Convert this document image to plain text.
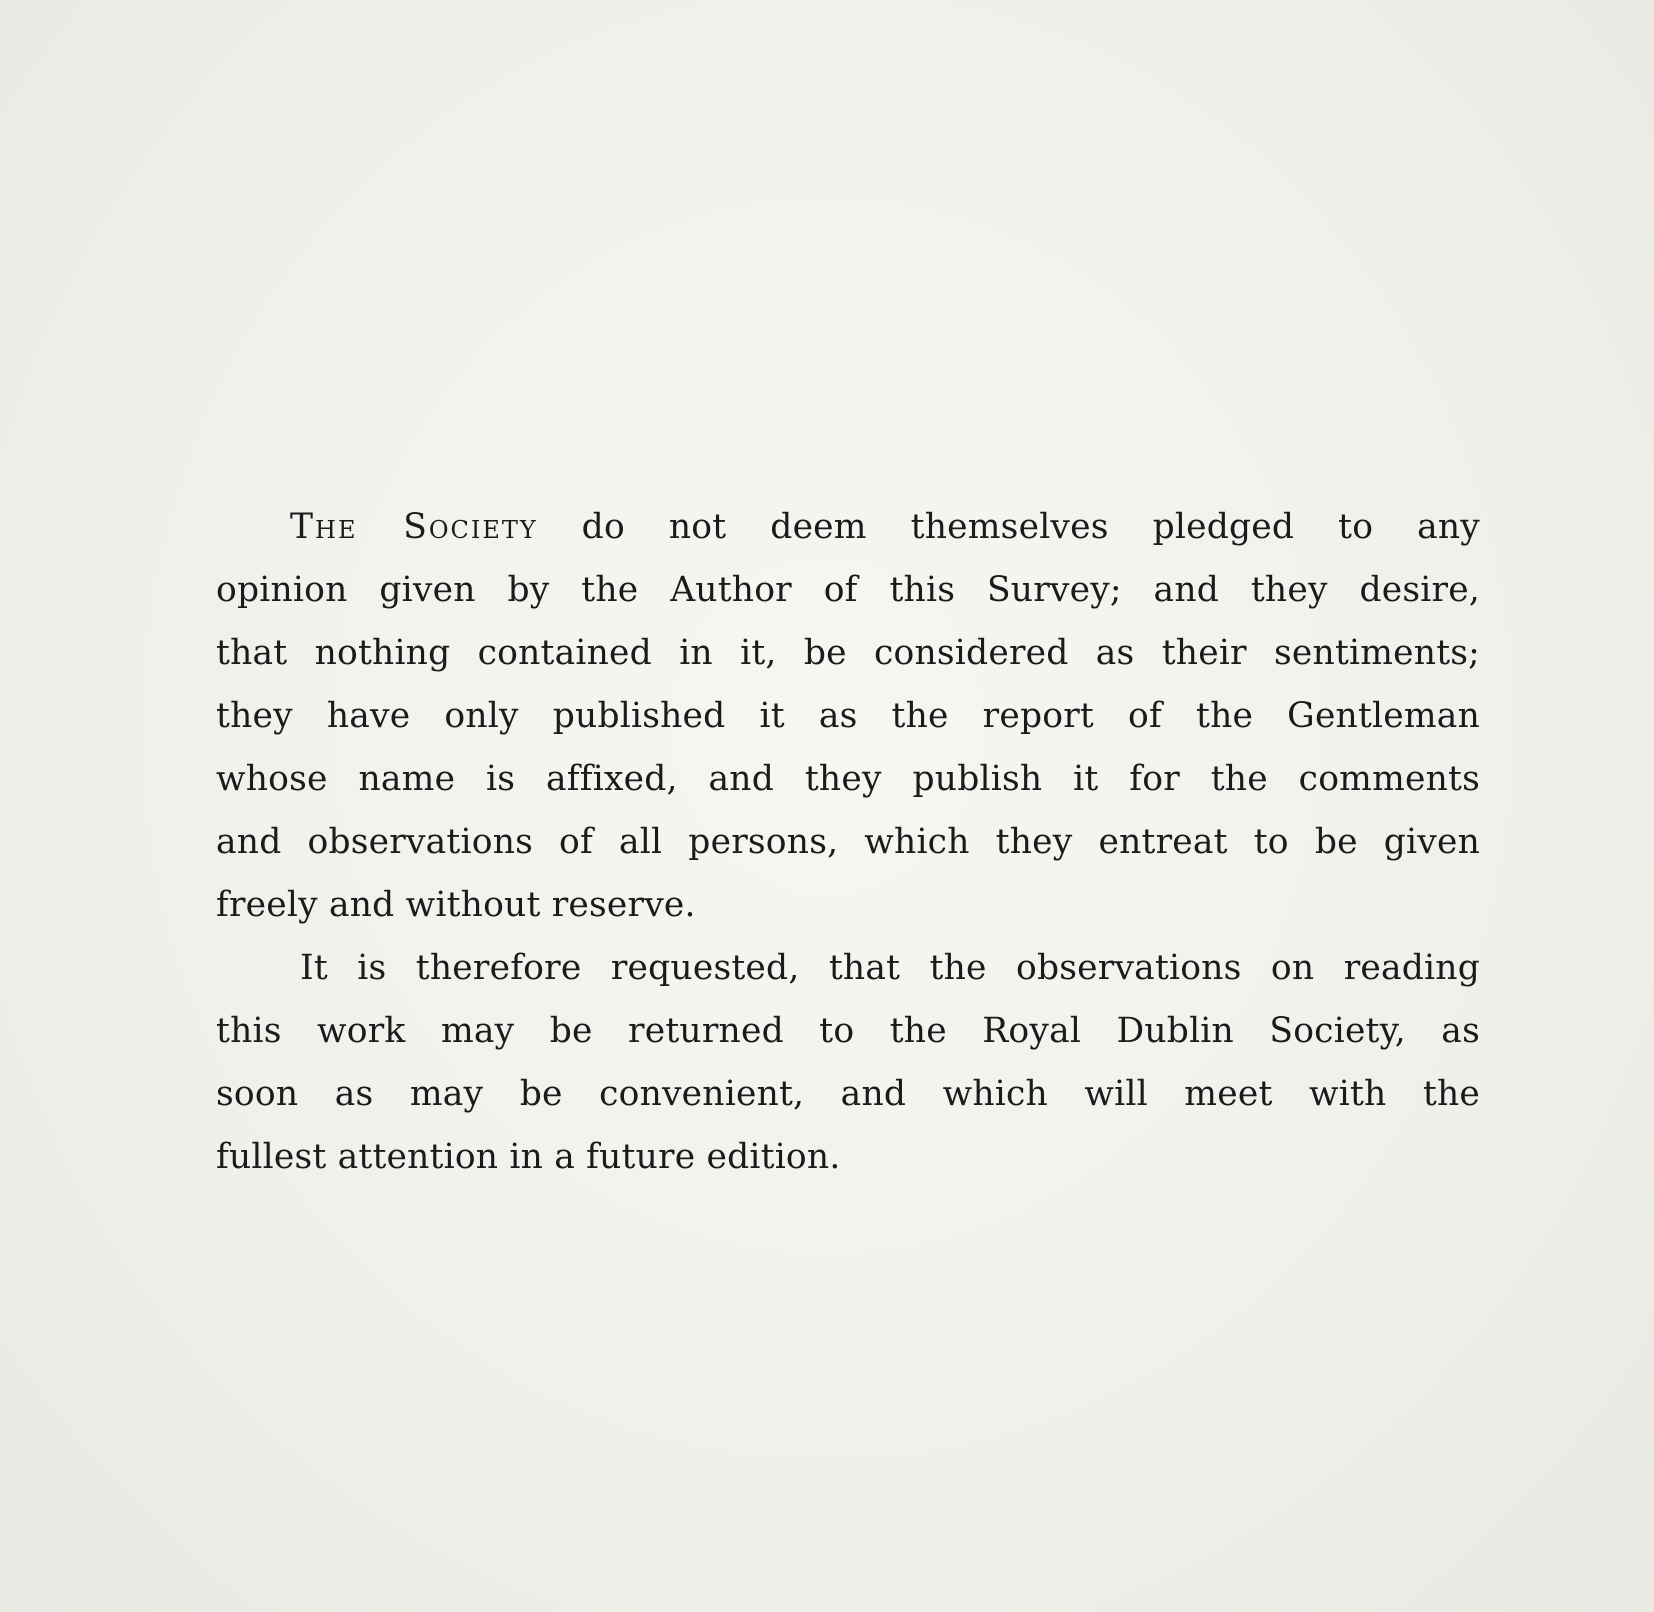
The Society do not deem themselves pledged to any
opinion given by the Author of this Survey; and they desire,
that nothing contained in it, be considered as their sentiments;
they have only published it as the report of the Gentleman
whose name is affixed, and they publish it for the comments
and observations of all persons, which they entreat to be given
freely and without reserve.

It is therefore requested, that the observations on reading
this work may be returned to the Royal Dublin Society, as
soon as may be convenient, and which will meet with the
fullest attention in a future edition.
